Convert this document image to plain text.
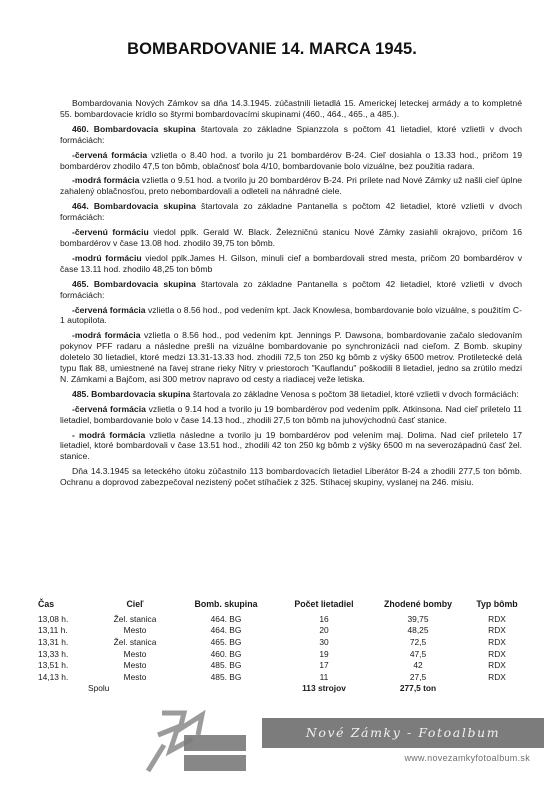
BOMBARDOVANIE 14. MARCA 1945.

Bombardovania Nových Zámkov sa dňa 14.3.1945. zúčastnili lietadlá 15. Americkej leteckej armády a to kompletné 55. bombardovacie krídlo so štyrmi bombardovacími skupinami (460., 464., 465., a 485.).

460. Bombardovacia skupina štartovala zo základne Spianzzola s počtom 41 lietadiel, ktoré vzlietli v dvoch formáciách:

-červená formácia vzlietla o 8.40 hod. a tvorilo ju 21 bombardérov B-24. Cieľ dosiahla o 13.33 hod., pričom 19 bombardérov zhodilo 47,5 ton bômb, oblačnosť bola 4/10, bombardovanie bolo vizuálne, bez použitia radara.

-modrá formácia vzlietla o 9.51 hod. a tvorilo ju 20 bombardérov B-24. Pri prílete nad Nové Zámky už našli cieľ úplne zahalený oblačnosťou, preto nebombardovali a odleteli na náhradné ciele.

464. Bombardovacia skupina štartovala zo základne Pantanella s počtom 42 lietadiel, ktoré vzlietli v dvoch formáciách:

-červenú formáciu viedol pplk. Gerald W. Black. Železničnú stanicu Nové Zámky zasiahli okrajovo, pričom 16 bombardérov v čase 13.08 hod. zhodilo 39,75 ton bômb.

-modrú formáciu viedol pplk.James H. Gilson, minuli cieľ a bombardovali stred mesta, pričom 20 bombardérov v čase 13.11 hod. zhodilo 48,25 ton bômb

465. Bombardovacia skupina štartovala zo základne Pantanella s počtom 42 lietadiel, ktoré vzlietli v dvoch formáciách:

-červená formácia vzlietla o 8.56 hod., pod vedením kpt. Jack Knowlesa, bombardovanie bolo vizuálne, s použitím C-1 autopilota.

-modrá formácia vzlietla o 8.56 hod., pod vedením kpt. Jennings P. Dawsona, bombardovanie začalo sledovaním pokynov PFF radaru a následne prešli na vizuálne bombardovanie po synchronizácii nad cieľom. Z Bomb. skupiny doletelo 30 lietadiel, ktoré medzi 13.31-13.33 hod. zhodili 72,5 ton 250 kg bômb z výšky 6500 metrov. Protiletecké delá typu flak 88, umiestnené na ľavej strane rieky Nitry v priestoroch "Kauflandu" poškodili 8 lietadiel, jedno sa zrútilo medzi N. Zámkami a Bajčom, asi 300 metrov napravo od cesty a riadiacej veže letiska.

485. Bombardovacia skupina štartovala zo základne Venosa s počtom 38 lietadiel, ktoré vzlietli v dvoch formáciách:

-červená formácia vzlietla o 9.14 hod a tvorilo ju 19 bombardérov pod vedením pplk. Atkinsona. Nad cieľ priletelo 11 lietadiel, bombardovanie bolo v čase 14.13 hod., zhodili 27,5 ton bômb na juhovýchodnú časť stanice.

- modrá formácia vzlietla následne a tvorilo ju 19 bombardérov pod velením maj. Dolima. Nad cieľ priletelo 17 lietadiel, ktoré bombardovali v čase 13.51 hod., zhodili 42 ton 250 kg bômb z výšky 6500 m na severozápadnú časť žel. stanice.

Dňa 14.3.1945 sa leteckého útoku zúčastnilo 113 bombardovacích lietadiel Liberátor B-24 a zhodili 277,5 ton bômb. Ochranu a doprovod zabezpečoval nezistený počet stíhačiek z 325. Stíhacej skupiny, vyslanej na 246. misiu.

Čas	Cieľ	Bomb. skupina	Počet lietadiel	Zhodené bomby	Typ bômb
13,08 h.	Žel. stanica	464. BG	16	39,75	RDX
13,11 h.	Mesto	464. BG	20	48,25	RDX
13,31 h.	Žel. stanica	465. BG	30	72,5	RDX
13,33 h.	Mesto	460. BG	19	47,5	RDX
13,51 h.	Mesto	485. BG	17	42	RDX
14,13 h.	Mesto	485. BG	11	27,5	RDX
Spolu			113 strojov	277,5 ton	
Nové Zámky - Fotoalbum
www.novezamkyfotoalbum.sk
